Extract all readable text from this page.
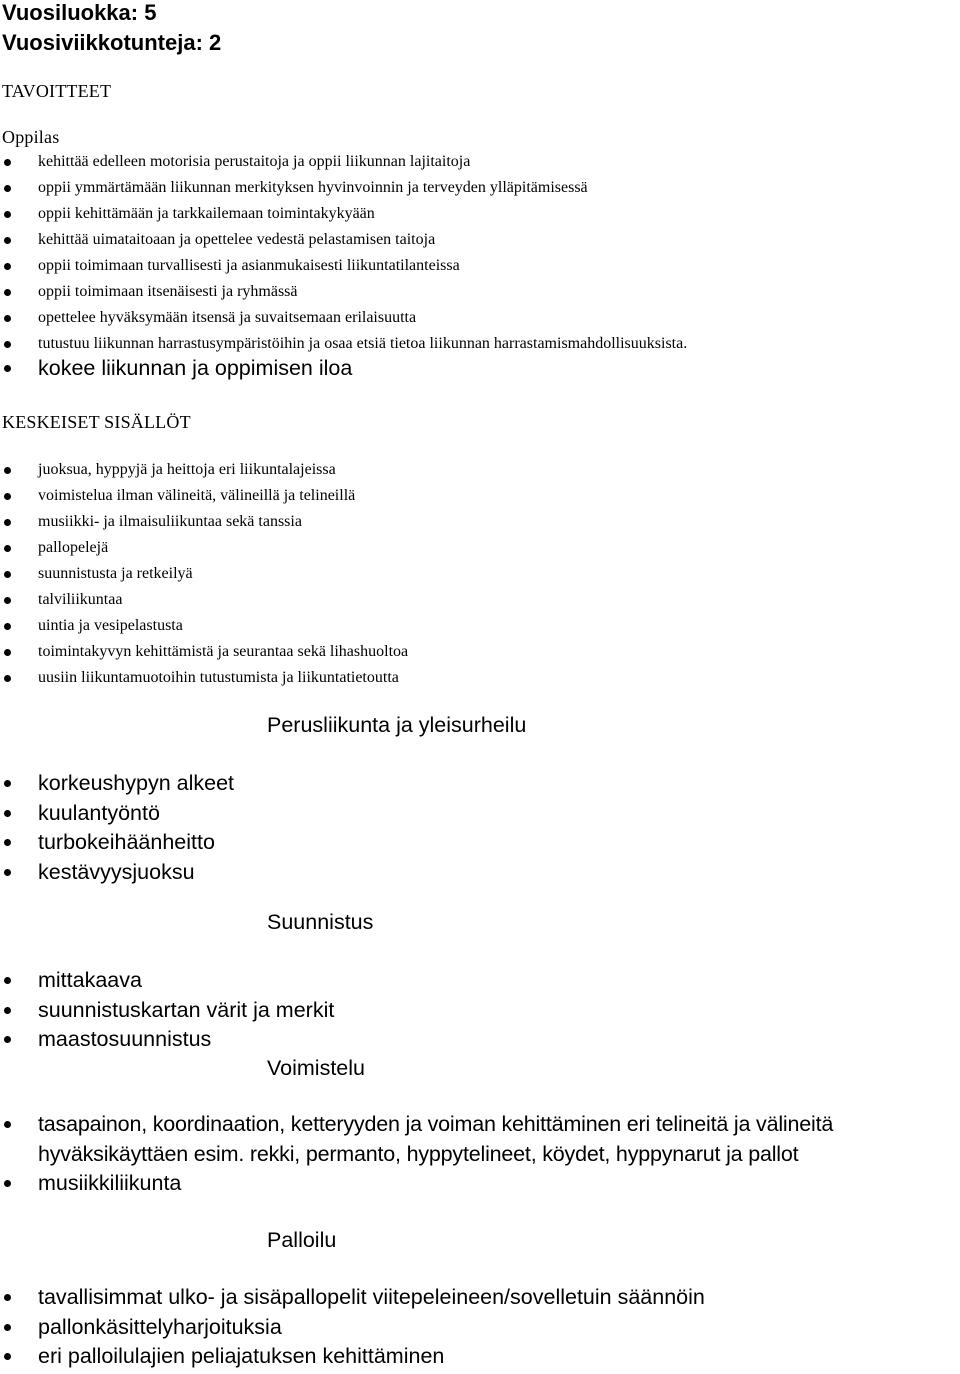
Vuosiluokka: 5
Vuosiviikkotunteja: 2
TAVOITTEET
Oppilas
kehittää edelleen motorisia perustaitoja ja oppii liikunnan lajitaitoja
oppii ymmärtämään liikunnan merkityksen hyvinvoinnin ja terveyden ylläpitämisessä
oppii kehittämään ja tarkkailemaan toimintakykyään
kehittää uimataitoaan ja opettelee vedestä pelastamisen taitoja
oppii toimimaan turvallisesti ja asianmukaisesti liikuntatilanteissa
oppii toimimaan itsenäisesti ja ryhmässä
opettelee hyväksymään itsensä ja suvaitsemaan erilaisuutta
tutustuu liikunnan harrastusympäristöihin ja osaa etsiä tietoa liikunnan harrastamismahdollisuuksista.
kokee liikunnan ja oppimisen iloa
KESKEISET SISÄLLÖT
juoksua, hyppyjä ja heittoja eri liikuntalajeissa
voimistelua ilman välineitä, välineillä ja telineillä
musiikki- ja ilmaisuliikuntaa sekä tanssia
pallopelejä
suunnistusta ja retkeilyä
talviliikuntaa
uintia ja vesipelastusta
toimintakyvyn kehittämistä ja seurantaa sekä lihashuoltoa
uusiin liikuntamuotoihin tutustumista ja liikuntatietoutta
Perusliikunta ja yleisurheilu
korkeushypyn alkeet
kuulantyöntö
turbokeihäänheitto
kestävyysjuoksu
Suunnistus
mittakaava
suunnistuskartan värit ja merkit
maastosuunnistus
Voimistelu
tasapainon, koordinaation, ketteryyden ja voiman kehittäminen eri telineitä ja välineitä hyväksikäyttäen esim. rekki, permanto, hyppytelineet, köydet, hyppynarut ja pallot
musiikkiliikunta
Palloilu
tavallisimmat ulko- ja sisäpallopelit viitepeleineen/sovelletuin säännöin
pallonkäsittelyharjoituksia
eri palloilulajien peliajatuksen kehittäminen
